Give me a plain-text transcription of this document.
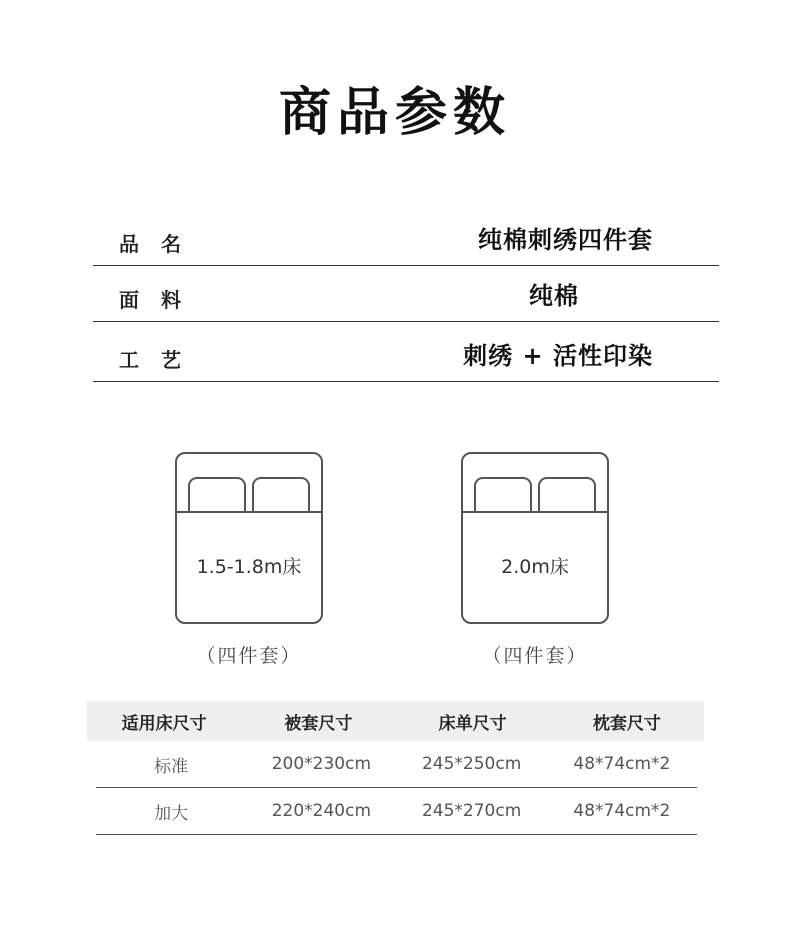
商品参数
品名	纯棉刺绣四件套
面料	纯棉
工艺	刺绣 + 活性印染
1.5-1.8m床
（四件套）
2.0m床
（四件套）
适用床尺寸	被套尺寸	床单尺寸	枕套尺寸
标准	200*230cm	245*250cm	48*74cm*2
加大	220*240cm	245*270cm	48*74cm*2
